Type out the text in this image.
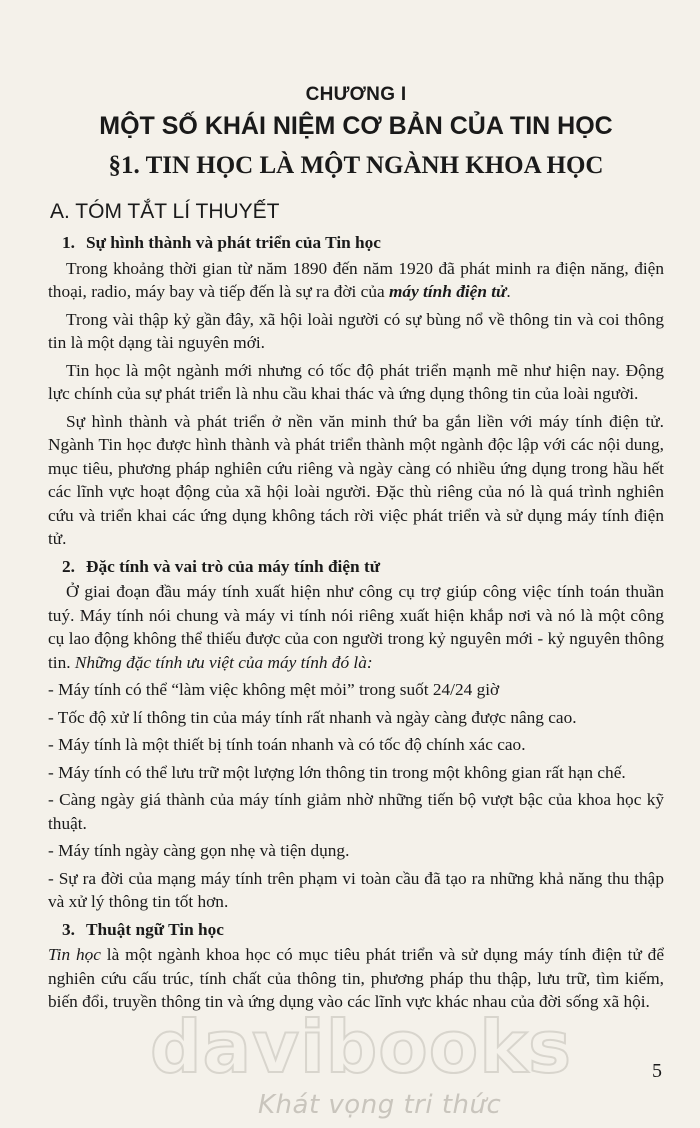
CHƯƠNG I
MỘT SỐ KHÁI NIỆM CƠ BẢN CỦA TIN HỌC
§1. TIN HỌC LÀ MỘT NGÀNH KHOA HỌC
A. TÓM TẮT LÍ THUYẾT
1. Sự hình thành và phát triển của Tin học

Trong khoảng thời gian từ năm 1890 đến năm 1920 đã phát minh ra điện năng, điện thoại, radio, máy bay và tiếp đến là sự ra đời của máy tính điện tử.

Trong vài thập kỷ gần đây, xã hội loài người có sự bùng nổ về thông tin và coi thông tin là một dạng tài nguyên mới.

Tin học là một ngành mới nhưng có tốc độ phát triển mạnh mẽ như hiện nay. Động lực chính của sự phát triển là nhu cầu khai thác và ứng dụng thông tin của loài người.

Sự hình thành và phát triển ở nền văn minh thứ ba gắn liền với máy tính điện tử. Ngành Tin học được hình thành và phát triển thành một ngành độc lập với các nội dung, mục tiêu, phương pháp nghiên cứu riêng và ngày càng có nhiều ứng dụng trong hầu hết các lĩnh vực hoạt động của xã hội loài người. Đặc thù riêng của nó là quá trình nghiên cứu và triển khai các ứng dụng không tách rời việc phát triển và sử dụng máy tính điện tử.

2. Đặc tính và vai trò của máy tính điện tử

Ở giai đoạn đầu máy tính xuất hiện như công cụ trợ giúp công việc tính toán thuần tuý. Máy tính nói chung và máy vi tính nói riêng xuất hiện khắp nơi và nó là một công cụ lao động không thể thiếu được của con người trong kỷ nguyên mới - kỷ nguyên thông tin. Những đặc tính ưu việt của máy tính đó là:

- Máy tính có thể “làm việc không mệt mỏi” trong suốt 24/24 giờ

- Tốc độ xử lí thông tin của máy tính rất nhanh và ngày càng được nâng cao.

- Máy tính là một thiết bị tính toán nhanh và có tốc độ chính xác cao.

- Máy tính có thể lưu trữ một lượng lớn thông tin trong một không gian rất hạn chế.

- Càng ngày giá thành của máy tính giảm nhờ những tiến bộ vượt bậc của khoa học kỹ thuật.

- Máy tính ngày càng gọn nhẹ và tiện dụng.

- Sự ra đời của mạng máy tính trên phạm vi toàn cầu đã tạo ra những khả năng thu thập và xử lý thông tin tốt hơn.

3. Thuật ngữ Tin học

Tin học là một ngành khoa học có mục tiêu phát triển và sử dụng máy tính điện tử để nghiên cứu cấu trúc, tính chất của thông tin, phương pháp thu thập, lưu trữ, tìm kiếm, biến đổi, truyền thông tin và ứng dụng vào các lĩnh vực khác nhau của đời sống xã hội.

davibooks
Khát vọng tri thức
5
